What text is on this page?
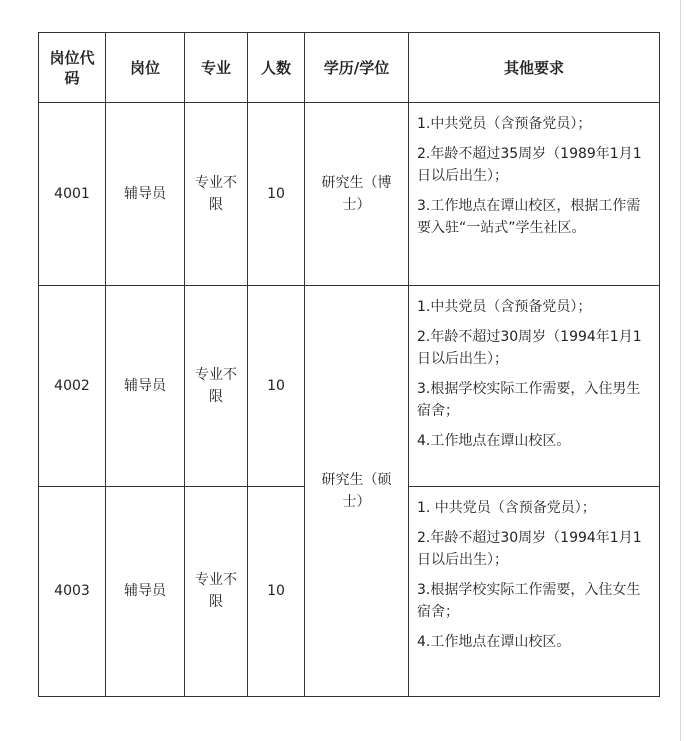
岗位代码	岗位	专业	人数	学历/学位	其他要求
4001	辅导员	专业不限	10	研究生（博士）	1.中共党员（含预备党员）；

2.年龄不超过35周岁（1989年1月1日以后出生）；

3.工作地点在谭山校区，根据工作需要入驻“一站式”学生社区。

4002	辅导员	专业不限	10	研究生（硕士）	1.中共党员（含预备党员）；

2.年龄不超过30周岁（1994年1月1日以后出生）；

3.根据学校实际工作需要，入住男生宿舍；

4.工作地点在谭山校区。

4003	辅导员	专业不限	10		1. 中共党员（含预备党员）；

2.年龄不超过30周岁（1994年1月1日以后出生）；

3.根据学校实际工作需要，入住女生宿舍；

4.工作地点在谭山校区。
